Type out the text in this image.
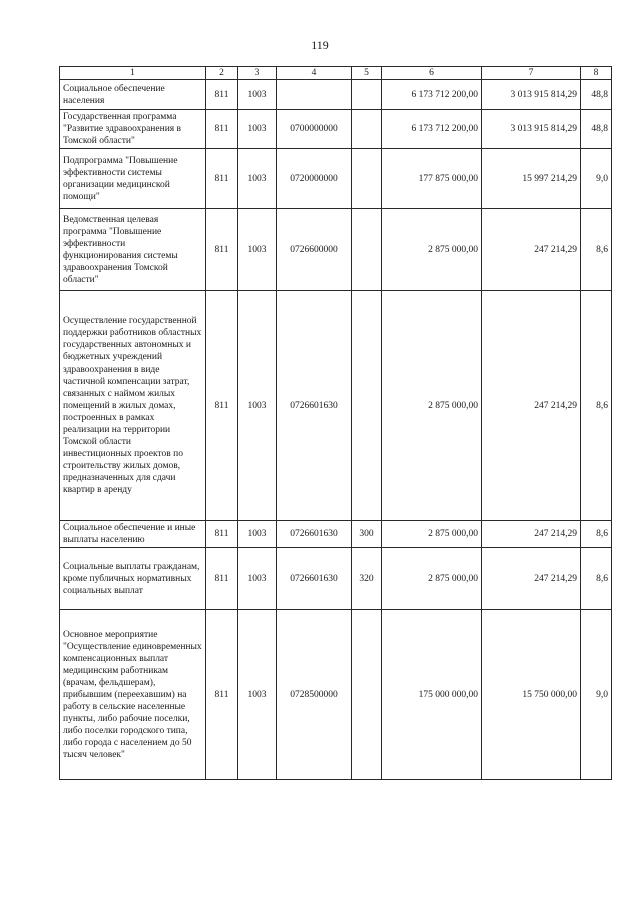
119
1	2	3	4	5	6	7	8
Социальное обеспечение населения	811	1003			6 173 712 200,00	3 013 915 814,29	48,8
Государственная программа "Развитие здравоохранения в Томской области"	811	1003	0700000000		6 173 712 200,00	3 013 915 814,29	48,8
Подпрограмма "Повышение эффективности системы организации медицинской помощи"	811	1003	0720000000		177 875 000,00	15 997 214,29	9,0
Ведомственная целевая программа "Повышение эффективности функционирования системы здравоохранения Томской области"	811	1003	0726600000		2 875 000,00	247 214,29	8,6
Осуществление государственной поддержки работников областных государственных автономных и бюджетных учреждений здравоохранения в виде частичной компенсации затрат, связанных с наймом жилых помещений в жилых домах, построенных в рамках реализации на территории Томской области инвестиционных проектов по строительству жилых домов, предназначенных для сдачи квартир в аренду	811	1003	0726601630		2 875 000,00	247 214,29	8,6
Социальное обеспечение и иные выплаты населению	811	1003	0726601630	300	2 875 000,00	247 214,29	8,6
Социальные выплаты гражданам, кроме публичных нормативных социальных выплат	811	1003	0726601630	320	2 875 000,00	247 214,29	8,6
Основное мероприятие "Осуществление единовременных компенсационных выплат медицинским работникам (врачам, фельдшерам), прибывшим (переехавшим) на работу в сельские населенные пункты, либо рабочие поселки, либо поселки городского типа, либо города с населением до 50 тысяч человек"	811	1003	0728500000		175 000 000,00	15 750 000,00	9,0
